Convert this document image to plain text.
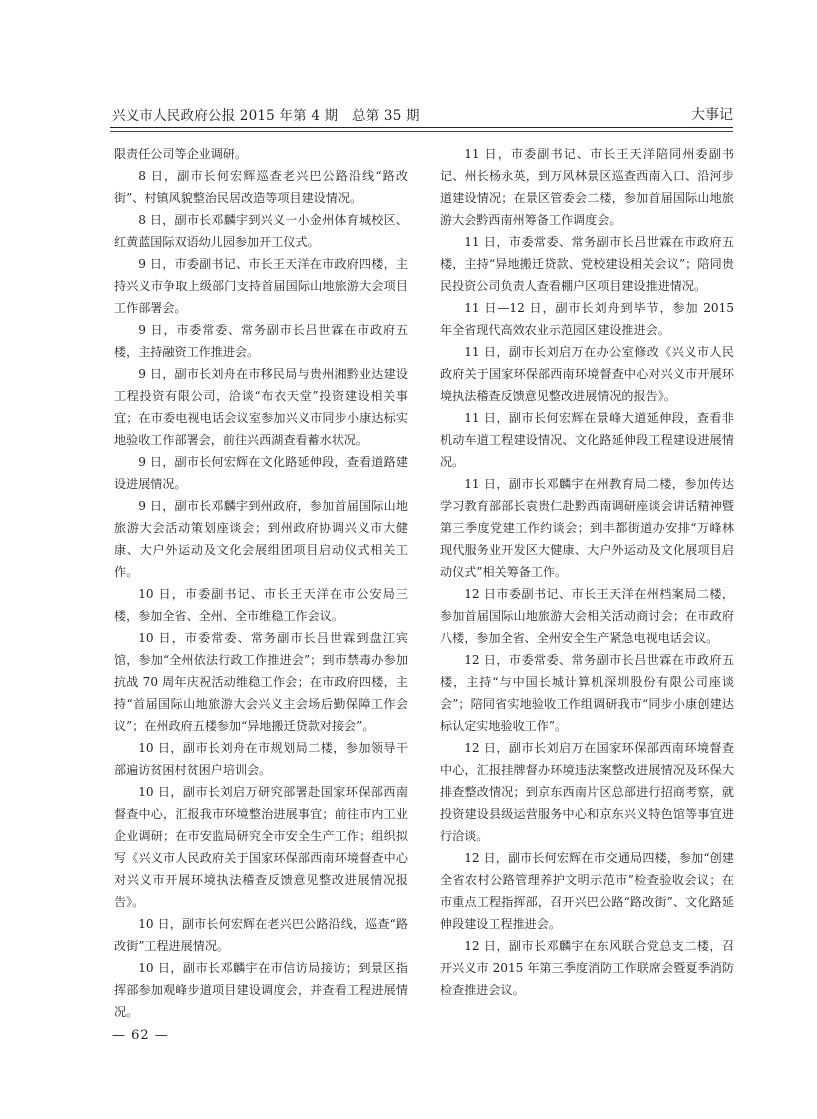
兴义市人民政府公报 2015 年第 4 期　总第 35 期	大事记

限责任公司等企业调研。

8 日，副市长何宏辉巡查老兴巴公路沿线“路改街”、村镇风貌整治民居改造等项目建设情况。

8 日，副市长邓麟宇到兴义一小金州体育城校区、红黄蓝国际双语幼儿园参加开工仪式。

9 日，市委副书记、市长王天洋在市政府四楼，主持兴义市争取上级部门支持首届国际山地旅游大会项目工作部署会。

9 日，市委常委、常务副市长吕世霖在市政府五楼，主持融资工作推进会。

9 日，副市长刘舟在市移民局与贵州湘黔业达建设工程投资有限公司，洽谈“布衣天堂”投资建设相关事宜；在市委电视电话会议室参加兴义市同步小康达标实地验收工作部署会，前往兴西湖查看蓄水状况。

9 日，副市长何宏辉在文化路延伸段，查看道路建设进展情况。

9 日，副市长邓麟宇到州政府，参加首届国际山地旅游大会活动策划座谈会；到州政府协调兴义市大健康、大户外运动及文化会展组团项目启动仪式相关工作。

10 日，市委副书记、市长王天洋在市公安局三楼，参加全省、全州、全市维稳工作会议。

10 日，市委常委、常务副市长吕世霖到盘江宾馆，参加“全州依法行政工作推进会”；到市禁毒办参加抗战 70 周年庆祝活动维稳工作会；在市政府四楼，主持“首届国际山地旅游大会兴义主会场后勤保障工作会议”；在州政府五楼参加“异地搬迁贷款对接会”。

10 日，副市长刘舟在市规划局二楼，参加领导干部遍访贫困村贫困户培训会。

10 日，副市长刘启万研究部署赴国家环保部西南督查中心，汇报我市环境整治进展事宜；前往市内工业企业调研；在市安监局研究全市安全生产工作；组织拟写《兴义市人民政府关于国家环保部西南环境督查中心对兴义市开展环境执法稽查反馈意见整改进展情况报告》。

10 日，副市长何宏辉在老兴巴公路沿线，巡查“路改街”工程进展情况。

10 日，副市长邓麟宇在市信访局接访；到景区指挥部参加观峰步道项目建设调度会，并查看工程进展情况。

11 日，市委副书记、市长王天洋陪同州委副书记、州长杨永英，到万风林景区巡查西南入口、沿河步道建设情况；在景区管委会二楼，参加首届国际山地旅游大会黔西南州筹备工作调度会。

11 日，市委常委、常务副市长吕世霖在市政府五楼，主持“异地搬迁贷款、党校建设相关会议”；陪同贵民投资公司负责人查看棚户区项目建设推进情况。

11 日—12 日，副市长刘舟到毕节，参加 2015 年全省现代高效农业示范园区建设推进会。

11 日，副市长刘启万在办公室修改《兴义市人民政府关于国家环保部西南环境督查中心对兴义市开展环境执法稽查反馈意见整改进展情况的报告》。

11 日，副市长何宏辉在景峰大道延伸段，查看非机动车道工程建设情况、文化路延伸段工程建设进展情况。

11 日，副市长邓麟宇在州教育局二楼，参加传达学习教育部部长袁贵仁赴黔西南调研座谈会讲话精神暨第三季度党建工作约谈会；到丰都街道办安排“万峰林现代服务业开发区大健康、大户外运动及文化展项目启动仪式”相关筹备工作。

12 日市委副书记、市长王天洋在州档案局二楼，参加首届国际山地旅游大会相关活动商讨会；在市政府八楼，参加全省、全州安全生产紧急电视电话会议。

12 日，市委常委、常务副市长吕世霖在市政府五楼，主持“与中国长城计算机深圳股份有限公司座谈会”；陪同省实地验收工作组调研我市“同步小康创建达标认定实地验收工作”。

12 日，副市长刘启万在国家环保部西南环境督查中心，汇报挂牌督办环境违法案整改进展情况及环保大排查整改情况；到京东西南片区总部进行招商考察，就投资建设县级运营服务中心和京东兴义特色馆等事宜进行洽谈。

12 日，副市长何宏辉在市交通局四楼，参加“创建全省农村公路管理养护文明示范市”检查验收会议；在市重点工程指挥部，召开兴巴公路“路改街”、文化路延伸段建设工程推进会。

12 日，副市长邓麟宇在东风联合党总支二楼，召开兴义市 2015 年第三季度消防工作联席会暨夏季消防检查推进会议。

— 62 —
